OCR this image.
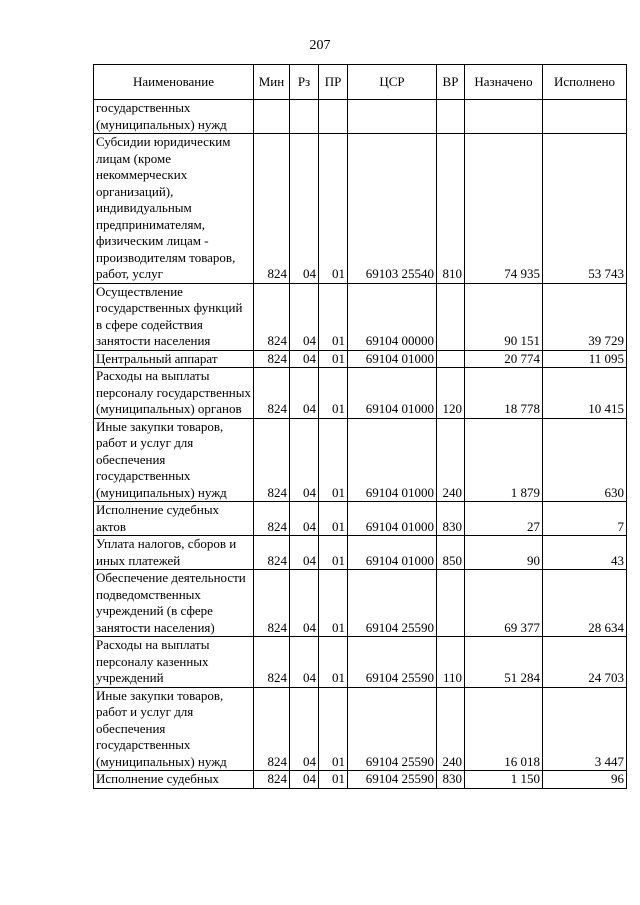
207
Наименование	Мин	Рз	ПР	ЦСР	ВР	Назначено	Исполнено
государственных (муниципальных) нужд							
Субсидии юридическим лицам (кроме некоммерческих организаций), индивидуальным предпринимателям, физическим лицам - производителям товаров, работ, услуг	824	04	01	69103 25540	810	74 935	53 743
Осуществление государственных функций в сфере содействия занятости населения	824	04	01	69104 00000		90 151	39 729
Центральный аппарат	824	04	01	69104 01000		20 774	11 095
Расходы на выплаты персоналу государственных (муниципальных) органов	824	04	01	69104 01000	120	18 778	10 415
Иные закупки товаров, работ и услуг для обеспечения государственных (муниципальных) нужд	824	04	01	69104 01000	240	1 879	630
Исполнение судебных актов	824	04	01	69104 01000	830	27	7
Уплата налогов, сборов и иных платежей	824	04	01	69104 01000	850	90	43
Обеспечение деятельности подведомственных учреждений (в сфере занятости населения)	824	04	01	69104 25590		69 377	28 634
Расходы на выплаты персоналу казенных учреждений	824	04	01	69104 25590	110	51 284	24 703
Иные закупки товаров, работ и услуг для обеспечения государственных (муниципальных) нужд	824	04	01	69104 25590	240	16 018	3 447
Исполнение судебных	824	04	01	69104 25590	830	1 150	96
